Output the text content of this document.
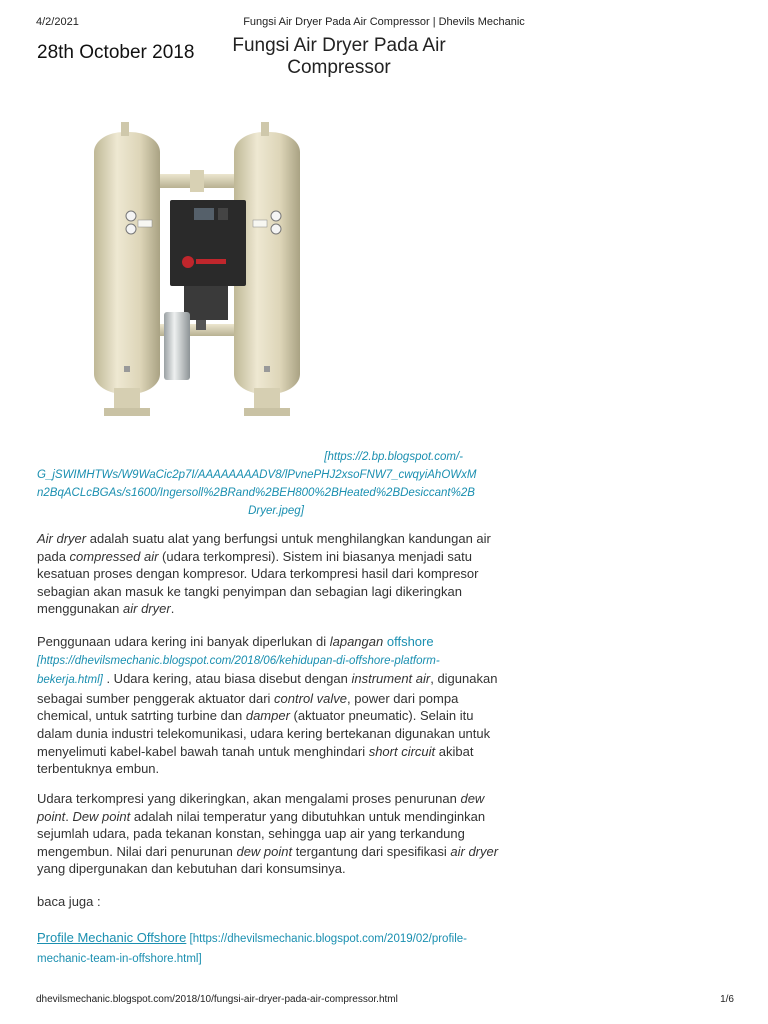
4/2/2021	Fungsi Air Dryer Pada Air Compressor | Dhevils Mechanic
28th October 2018	Fungsi Air Dryer Pada Air
Compressor
[https://2.bp.blogspot.com/-
G_jSWIMHTWs/W9WaCic2p7I/AAAAAAAADV8/lPvnePHJ2xsoFNW7_cwqyiAhOWxM
n2BqACLcBGAs/s1600/Ingersoll%2BRand%2BEH800%2BHeated%2BDesiccant%2B
Dryer.jpeg]

Air dryer adalah suatu alat yang berfungsi untuk menghilangkan kandungan air
pada compressed air (udara terkompresi). Sistem ini biasanya menjadi satu
kesatuan proses dengan kompresor. Udara terkompresi hasil dari kompresor
sebagian akan masuk ke tangki penyimpan dan sebagian lagi dikeringkan
menggunakan air dryer.

Penggunaan udara kering ini banyak diperlukan di lapangan offshore
[https://dhevilsmechanic.blogspot.com/2018/06/kehidupan-di-offshore-platform-
bekerja.html] . Udara kering, atau biasa disebut dengan instrument air, digunakan
sebagai sumber penggerak aktuator dari control valve, power dari pompa
chemical, untuk satrting turbine dan damper (aktuator pneumatic). Selain itu
dalam dunia industri telekomunikasi, udara kering bertekanan digunakan untuk
menyelimuti kabel-kabel bawah tanah untuk menghindari short circuit akibat
terbentuknya embun.

Udara terkompresi yang dikeringkan, akan mengalami proses penurunan dew
point. Dew point adalah nilai temperatur yang dibutuhkan untuk mendinginkan
sejumlah udara, pada tekanan konstan, sehingga uap air yang terkandung
mengembun. Nilai dari penurunan dew point tergantung dari spesifikasi air dryer
yang dipergunakan dan kebutuhan dari konsumsinya.

baca juga :

Profile Mechanic Offshore [https://dhevilsmechanic.blogspot.com/2019/02/profile-
mechanic-team-in-offshore.html]

dhevilsmechanic.blogspot.com/2018/10/fungsi-air-dryer-pada-air-compressor.html	1/6
